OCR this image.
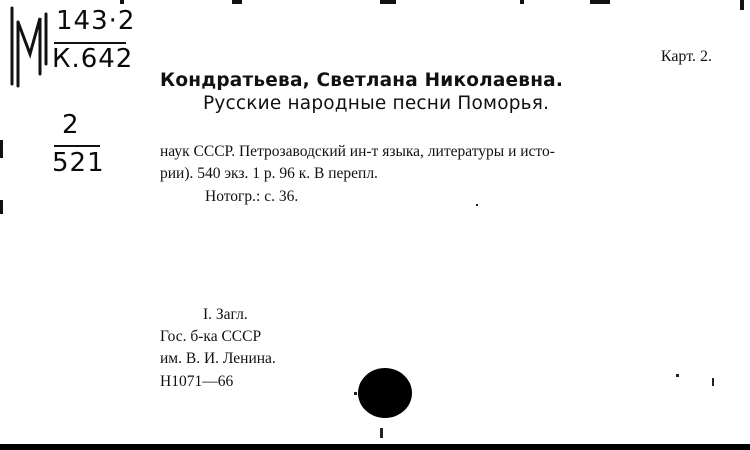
143·2
К.642
2
521
Карт. 2.
Кондратьева, Светлана Николаевна.
Русские народные песни Поморья.
наук СССР. Петрозаводский ин-т языка, литературы и исто-
рии). 540 экз. 1 р. 96 к. В перепл.
Нотогр.: с. 36.
I. Загл.
Гос. б-ка СССР
им. В. И. Ленина.
Н1071—66
